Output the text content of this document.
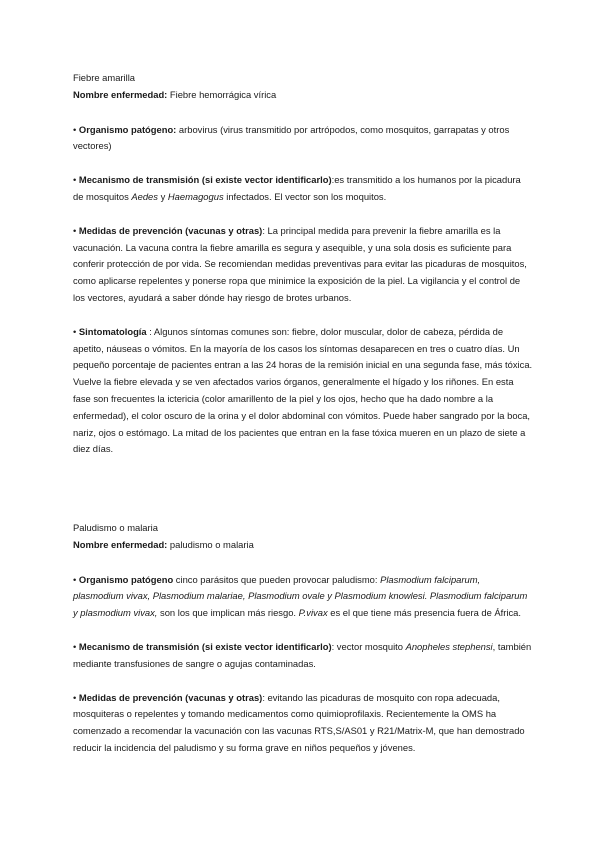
Fiebre amarilla

Nombre enfermedad: Fiebre hemorrágica vírica

• Organismo patógeno: arbovirus (virus transmitido por artrópodos, como mosquitos, garrapatas y otros vectores)

• Mecanismo de transmisión (si existe vector identificarlo):es transmitido a los humanos por la picadura de mosquitos Aedes y Haemagogus infectados. El vector son los moquitos.

• Medidas de prevención (vacunas y otras): La principal medida para prevenir la fiebre amarilla es la vacunación. La vacuna contra la fiebre amarilla es segura y asequible, y una sola dosis es suficiente para conferir protección de por vida. Se recomiendan medidas preventivas para evitar las picaduras de mosquitos, como aplicarse repelentes y ponerse ropa que minimice la exposición de la piel. La vigilancia y el control de los vectores, ayudará a saber dónde hay riesgo de brotes urbanos.

• Sintomatología : Algunos síntomas comunes son: fiebre, dolor muscular, dolor de cabeza, pérdida de apetito, náuseas o vómitos. En la mayoría de los casos los síntomas desaparecen en tres o cuatro días. Un pequeño porcentaje de pacientes entran a las 24 horas de la remisión inicial en una segunda fase, más tóxica. Vuelve la fiebre elevada y se ven afectados varios órganos, generalmente el hígado y los riñones. En esta fase son frecuentes la ictericia (color amarillento de la piel y los ojos, hecho que ha dado nombre a la enfermedad), el color oscuro de la orina y el dolor abdominal con vómitos. Puede haber sangrado por la boca, nariz, ojos o estómago. La mitad de los pacientes que entran en la fase tóxica mueren en un plazo de siete a diez días.

Paludismo o malaria

Nombre enfermedad: paludismo o malaria

• Organismo patógeno cinco parásitos que pueden provocar paludismo: Plasmodium falciparum, plasmodium vivax, Plasmodium malariae, Plasmodium ovale y Plasmodium knowlesi. Plasmodium falciparum y plasmodium vivax, son los que implican más riesgo. P.vivax es el que tiene más presencia fuera de África.

• Mecanismo de transmisión (si existe vector identificarlo): vector mosquito Anopheles stephensi, también mediante transfusiones de sangre o agujas contaminadas.

• Medidas de prevención (vacunas y otras): evitando las picaduras de mosquito con ropa adecuada, mosquiteras o repelentes y tomando medicamentos como quimioprofilaxis. Recientemente la OMS ha comenzado a recomendar la vacunación con las vacunas RTS,S/AS01 y R21/Matrix-M, que han demostrado reducir la incidencia del paludismo y su forma grave en niños pequeños y jóvenes.
